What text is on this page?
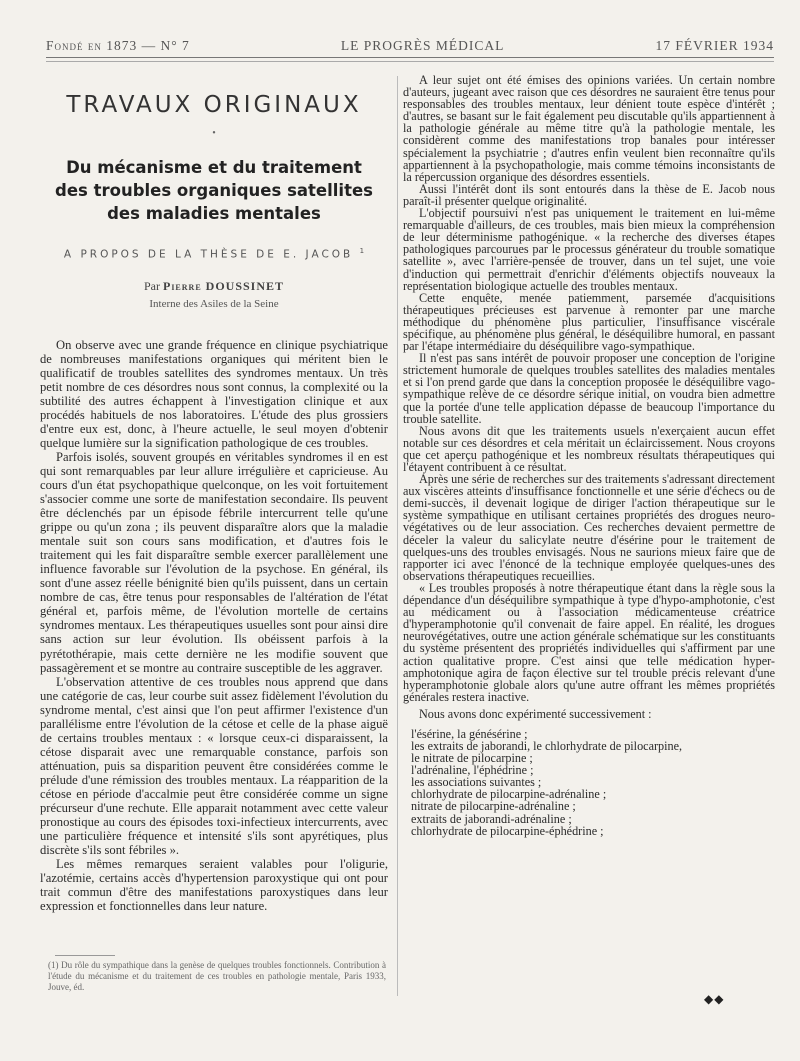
Fondé en 1873 — N° 7	LE PROGRÈS MÉDICAL	17 FÉVRIER 1934
TRAVAUX ORIGINAUX
•
Du mécanisme et du traitement
des troubles organiques satellites
des maladies mentales
A PROPOS DE LA THÈSE DE E. JACOB $^1$
Par Pierre DOUSSINET
Interne des Asiles de la Seine

On observe avec une grande fréquence en clinique psychiatrique de nombreuses manifestations organiques qui méritent bien le qualificatif de troubles satellites des syndromes mentaux. Un très petit nombre de ces désordres nous sont connus, la complexité ou la subtilité des autres échappent à l'investigation clinique et aux procédés habituels de nos laboratoires. L'étude des plus grossiers d'entre eux est, donc, à l'heure actuelle, le seul moyen d'obtenir quelque lumière sur la signification pathologique de ces troubles.

Parfois isolés, souvent groupés en véritables syndromes il en est qui sont remarquables par leur allure irrégulière et capricieuse. Au cours d'un état psychopathique quelconque, on les voit fortuitement s'associer comme une sorte de manifestation secondaire. Ils peuvent être déclenchés par un épisode fébrile intercurrent telle qu'une grippe ou qu'un zona ; ils peuvent disparaître alors que la maladie mentale suit son cours sans modification, et d'autres fois le traitement qui les fait disparaître semble exercer parallèlement une influence favorable sur l'évolution de la psychose. En général, ils sont d'une assez réelle bénignité bien qu'ils puissent, dans un certain nombre de cas, être tenus pour responsables de l'altération de l'état général et, parfois même, de l'évolution mortelle de certains syndromes mentaux. Les thérapeutiques usuelles sont pour ainsi dire sans action sur leur évolution. Ils obéissent parfois à la pyrétothérapie, mais cette dernière ne les modifie souvent que passagèrement et se montre au contraire susceptible de les aggraver.

L'observation attentive de ces troubles nous apprend que dans une catégorie de cas, leur courbe suit assez fidèlement l'évolution du syndrome mental, c'est ainsi que l'on peut affirmer l'existence d'un parallélisme entre l'évolution de la cétose et celle de la phase aiguë de certains troubles mentaux : « lorsque ceux-ci disparaissent, la cétose disparait avec une remarquable constance, parfois son atténuation, puis sa disparition peuvent être considérées comme le prélude d'une rémission des troubles mentaux. La réapparition de la cétose en période d'accalmie peut être considérée comme un signe précurseur d'une rechute. Elle apparait notamment avec cette valeur pronostique au cours des épisodes toxi-infectieux intercurrents, avec une particulière fréquence et intensité s'ils sont apyrétiques, plus discrète s'ils sont fébriles ».

Les mêmes remarques seraient valables pour l'oligurie, l'azotémie, certains accès d'hypertension paroxystique qui ont pour trait commun d'être des manifestations paroxystiques dans leur expression et fonctionnelles dans leur nature.

(1) Du rôle du sympathique dans la genèse de quelques troubles fonctionnels. Contribution à l'étude du mécanisme et du traitement de ces troubles en pathologie mentale, Paris 1933, Jouve, éd.

A leur sujet ont été émises des opinions variées. Un certain nombre d'auteurs, jugeant avec raison que ces désordres ne sauraient être tenus pour responsables des troubles mentaux, leur dénient toute espèce d'intérêt ; d'autres, se basant sur le fait également peu discutable qu'ils appartiennent à la pathologie générale au même titre qu'à la pathologie mentale, les considèrent comme des manifestations trop banales pour intéresser spécialement la psychiatrie ; d'autres enfin veulent bien reconnaître qu'ils appartiennent à la psychopathologie, mais comme témoins inconsistants de la répercussion organique des désordres essentiels.

Aussi l'intérêt dont ils sont entourés dans la thèse de E. Jacob nous paraît-il présenter quelque originalité.

L'objectif poursuivi n'est pas uniquement le traitement en lui-même remarquable d'ailleurs, de ces troubles, mais bien mieux la compréhension de leur déterminisme pathogénique. « la recherche des diverses étapes pathologiques parcourues par le processus générateur du trouble somatique satellite », avec l'arrière-pensée de trouver, dans un tel sujet, une voie d'induction qui permettrait d'enrichir d'éléments objectifs nouveaux la représentation biologique actuelle des troubles mentaux.

Cette enquête, menée patiemment, parsemée d'acquisitions thérapeutiques précieuses est parvenue à remonter par une marche méthodique du phénomène plus particulier, l'insuffisance viscérale spécifique, au phénomène plus général, le déséquilibre humoral, en passant par l'étape intermédiaire du déséquilibre vago-sympathique.

Il n'est pas sans intérêt de pouvoir proposer une conception de l'origine strictement humorale de quelques troubles satellites des maladies mentales et si l'on prend garde que dans la conception proposée le déséquilibre vago-sympathique relève de ce désordre sérique initial, on voudra bien admettre que la portée d'une telle application dépasse de beaucoup l'importance du trouble satellite.

Nous avons dit que les traitements usuels n'exerçaient aucun effet notable sur ces désordres et cela méritait un éclaircissement. Nous croyons que cet aperçu pathogénique et les nombreux résultats thérapeutiques qui l'étayent contribuent à ce résultat.

Après une série de recherches sur des traitements s'adressant directement aux viscères atteints d'insuffisance fonctionnelle et une série d'échecs ou de demi-succès, il devenait logique de diriger l'action thérapeutique sur le système sympathique en utilisant certaines propriétés des drogues neuro-végétatives ou de leur association. Ces recherches devaient permettre de déceler la valeur du salicylate neutre d'ésérine pour le traitement de quelques-uns des troubles envisagés. Nous ne saurions mieux faire que de rapporter ici avec l'énoncé de la technique employée quelques-unes des observations thérapeutiques recueillies.

« Les troubles proposés à notre thérapeutique étant dans la règle sous la dépendance d'un déséquilibre sympathique à type d'hypo-amphotonie, c'est au médicament ou à l'association médicamenteuse créatrice d'hyperamphotonie qu'il convenait de faire appel. En réalité, les drogues neurovégétatives, outre une action générale schématique sur les constituants du système présentent des propriétés individuelles qui s'affirment par une action qualitative propre. C'est ainsi que telle médication hyper-amphotonique agira de façon élective sur tel trouble précis relevant d'une hyperamphotonie globale alors qu'une autre offrant les mêmes propriétés générales restera inactive.

Nous avons donc expérimenté successivement :
l'ésérine, la génésérine ;
les extraits de jaborandi, le chlorhydrate de pilocarpine,
le nitrate de pilocarpine ;
l'adrénaline, l'éphédrine ;
les associations suivantes ;
chlorhydrate de pilocarpine-adrénaline ;
nitrate de pilocarpine-adrénaline ;
extraits de jaborandi-adrénaline ;
chlorhydrate de pilocarpine-éphédrine ;
◆◆
